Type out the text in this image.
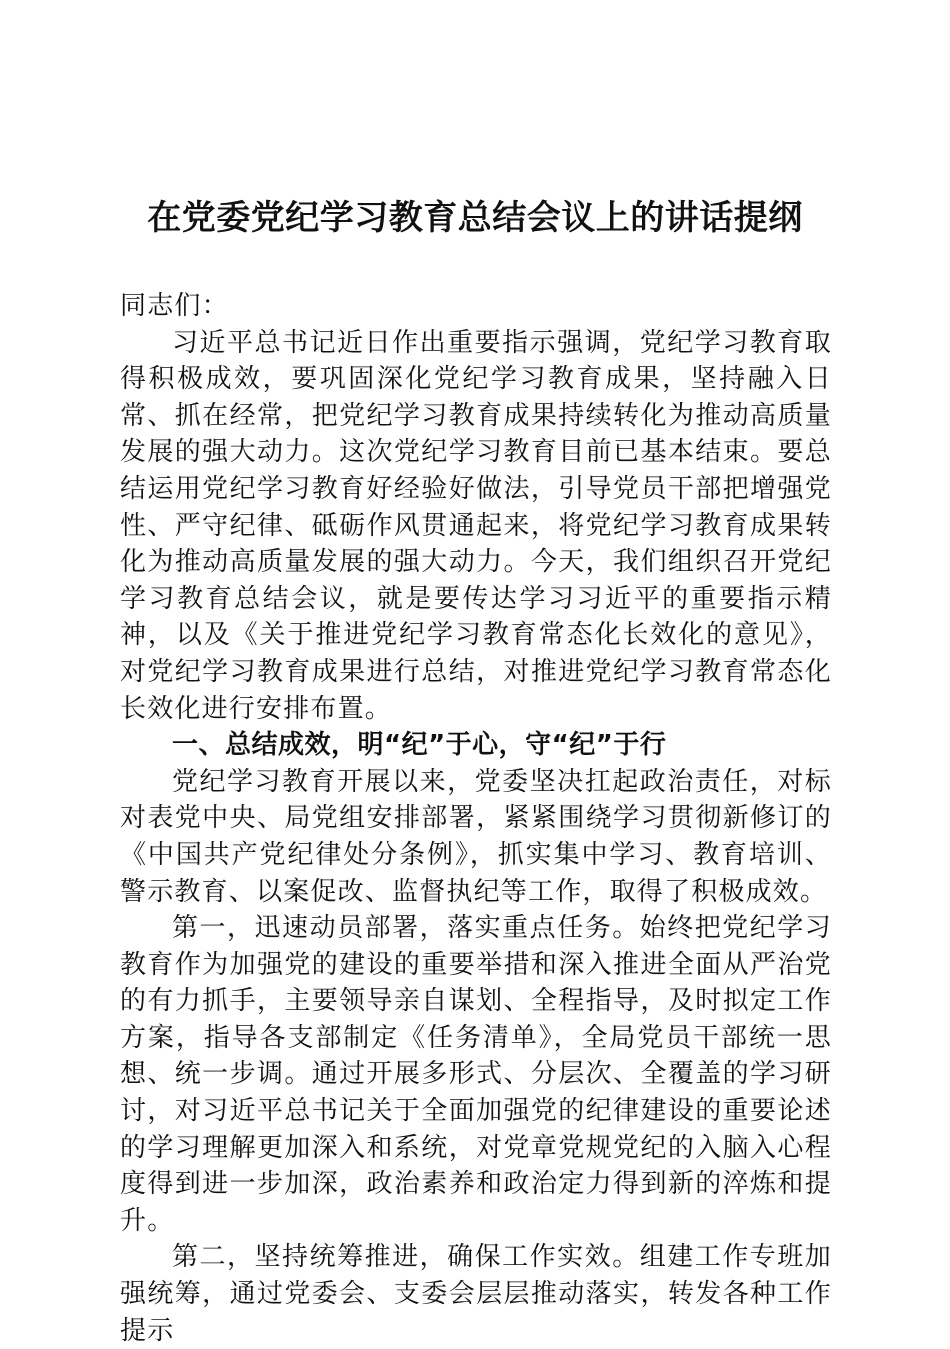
在党委党纪学习教育总结会议上的讲话提纲

同志们：

习近平总书记近日作出重要指示强调，党纪学习教育取得积极成效，要巩固深化党纪学习教育成果，坚持融入日常、抓在经常，把党纪学习教育成果持续转化为推动高质量发展的强大动力。这次党纪学习教育目前已基本结束。要总结运用党纪学习教育好经验好做法，引导党员干部把增强党性、严守纪律、砥砺作风贯通起来，将党纪学习教育成果转化为推动高质量发展的强大动力。今天，我们组织召开党纪学习教育总结会议，就是要传达学习习近平的重要指示精神，以及《关于推进党纪学习教育常态化长效化的意见》，对党纪学习教育成果进行总结，对推进党纪学习教育常态化长效化进行安排布置。

一、总结成效，明“纪”于心，守“纪”于行

党纪学习教育开展以来，党委坚决扛起政治责任，对标对表党中央、局党组安排部署，紧紧围绕学习贯彻新修订的《中国共产党纪律处分条例》，抓实集中学习、教育培训、警示教育、以案促改、监督执纪等工作，取得了积极成效。

第一，迅速动员部署，落实重点任务。始终把党纪学习教育作为加强党的建设的重要举措和深入推进全面从严治党的有力抓手，主要领导亲自谋划、全程指导，及时拟定工作方案，指导各支部制定《任务清单》，全局党员干部统一思想、统一步调。通过开展多形式、分层次、全覆盖的学习研讨，对习近平总书记关于全面加强党的纪律建设的重要论述的学习理解更加深入和系统，对党章党规党纪的入脑入心程度得到进一步加深，政治素养和政治定力得到新的淬炼和提升。

第二，坚持统筹推进，确保工作实效。组建工作专班加强统筹，通过党委会、支委会层层推动落实，转发各种工作提示
